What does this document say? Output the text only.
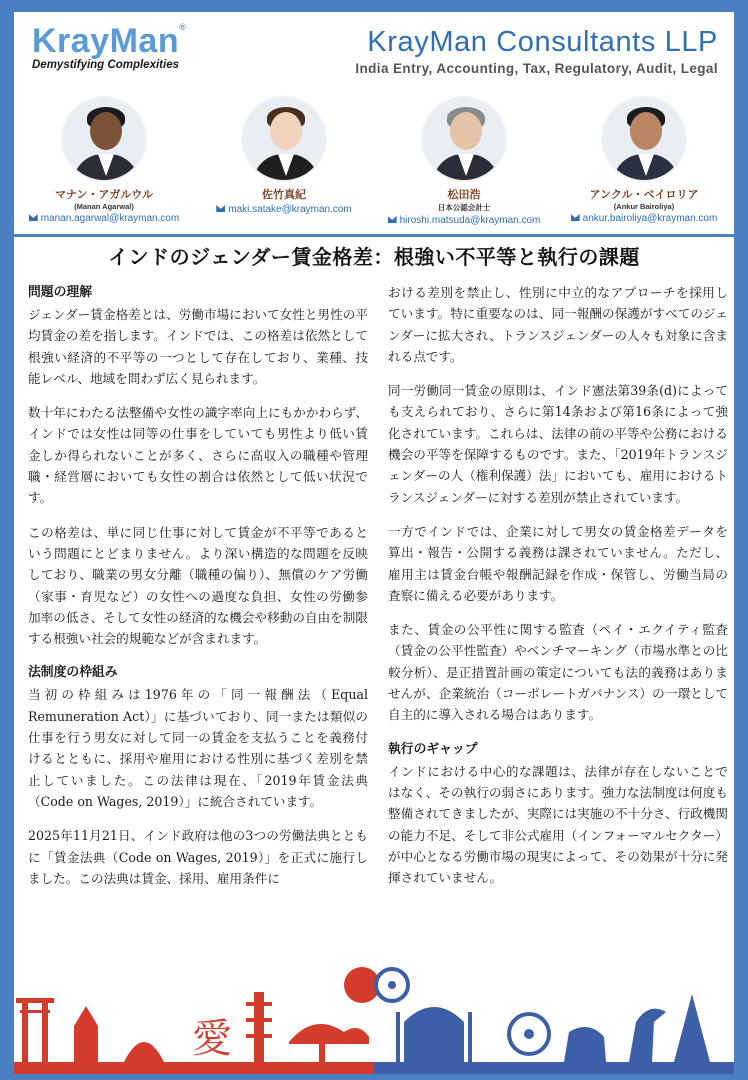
KrayMan®
Demystifying Complexities
KrayMan Consultants LLP
India Entry, Accounting, Tax, Regulatory, Audit, Legal
マナン・アガルウル
(Manan Agarwal)
manan.agarwal@krayman.com
佐竹真紀
maki.satake@krayman.com
松田浩
日本公認会計士
hiroshi.matsuda@krayman.com
アンクル・ベイロリア
(Ankur Bairoliya)
ankur.bairoliya@krayman.com
インドのジェンダー賃金格差：根強い不平等と執行の課題
問題の理解

ジェンダー賃金格差とは、労働市場において女性と男性の平均賃金の差を指します。インドでは、この格差は依然として根強い経済的不平等の一つとして存在しており、業種、技能レベル、地域を問わず広く見られます。

数十年にわたる法整備や女性の識字率向上にもかかわらず、インドでは女性は同等の仕事をしていても男性より低い賃金しか得られないことが多く、さらに高収入の職種や管理職・経営層においても女性の割合は依然として低い状況です。

この格差は、単に同じ仕事に対して賃金が不平等であるという問題にとどまりません。より深い構造的な問題を反映しており、職業の男女分離（職種の偏り）、無償のケア労働（家事・育児など）の女性への過度な負担、女性の労働参加率の低さ、そして女性の経済的な機会や移動の自由を制限する根強い社会的規範などが含まれます。

法制度の枠組み

当初の枠組みは1976年の「同一報酬法（Equal Remuneration Act）」に基づいており、同一または類似の仕事を行う男女に対して同一の賃金を支払うことを義務付けるとともに、採用や雇用における性別に基づく差別を禁止していました。この法律は現在、「2019年賃金法典（Code on Wages, 2019）」に統合されています。

2025年11月21日、インド政府は他の3つの労働法典とともに「賃金法典（Code on Wages, 2019）」を正式に施行しました。この法典は賃金、採用、雇用条件に

おける差別を禁止し、性別に中立的なアプローチを採用しています。特に重要なのは、同一報酬の保護がすべてのジェンダーに拡大され、トランスジェンダーの人々も対象に含まれる点です。

同一労働同一賃金の原則は、インド憲法第39条(d)によっても支えられており、さらに第14条および第16条によって強化されています。これらは、法律の前の平等や公務における機会の平等を保障するものです。また、「2019年トランスジェンダーの人（権利保護）法」においても、雇用におけるトランスジェンダーに対する差別が禁止されています。

一方でインドでは、企業に対して男女の賃金格差データを算出・報告・公開する義務は課されていません。ただし、雇用主は賃金台帳や報酬記録を作成・保管し、労働当局の査察に備える必要があります。

また、賃金の公平性に関する監査（ペイ・エクイティ監査（賃金の公平性監査）やベンチマーキング（市場水準との比較分析）、是正措置計画の策定についても法的義務はありませんが、企業統治（コーポレートガバナンス）の一環として自主的に導入される場合はあります。

執行のギャップ

インドにおける中心的な課題は、法律が存在しないことではなく、その執行の弱さにあります。強力な法制度は何度も整備されてきましたが、実際には実施の不十分さ、行政機関の能力不足、そして非公式雇用（インフォーマルセクター）が中心となる労働市場の現実によって、その効果が十分に発揮されていません。

愛
